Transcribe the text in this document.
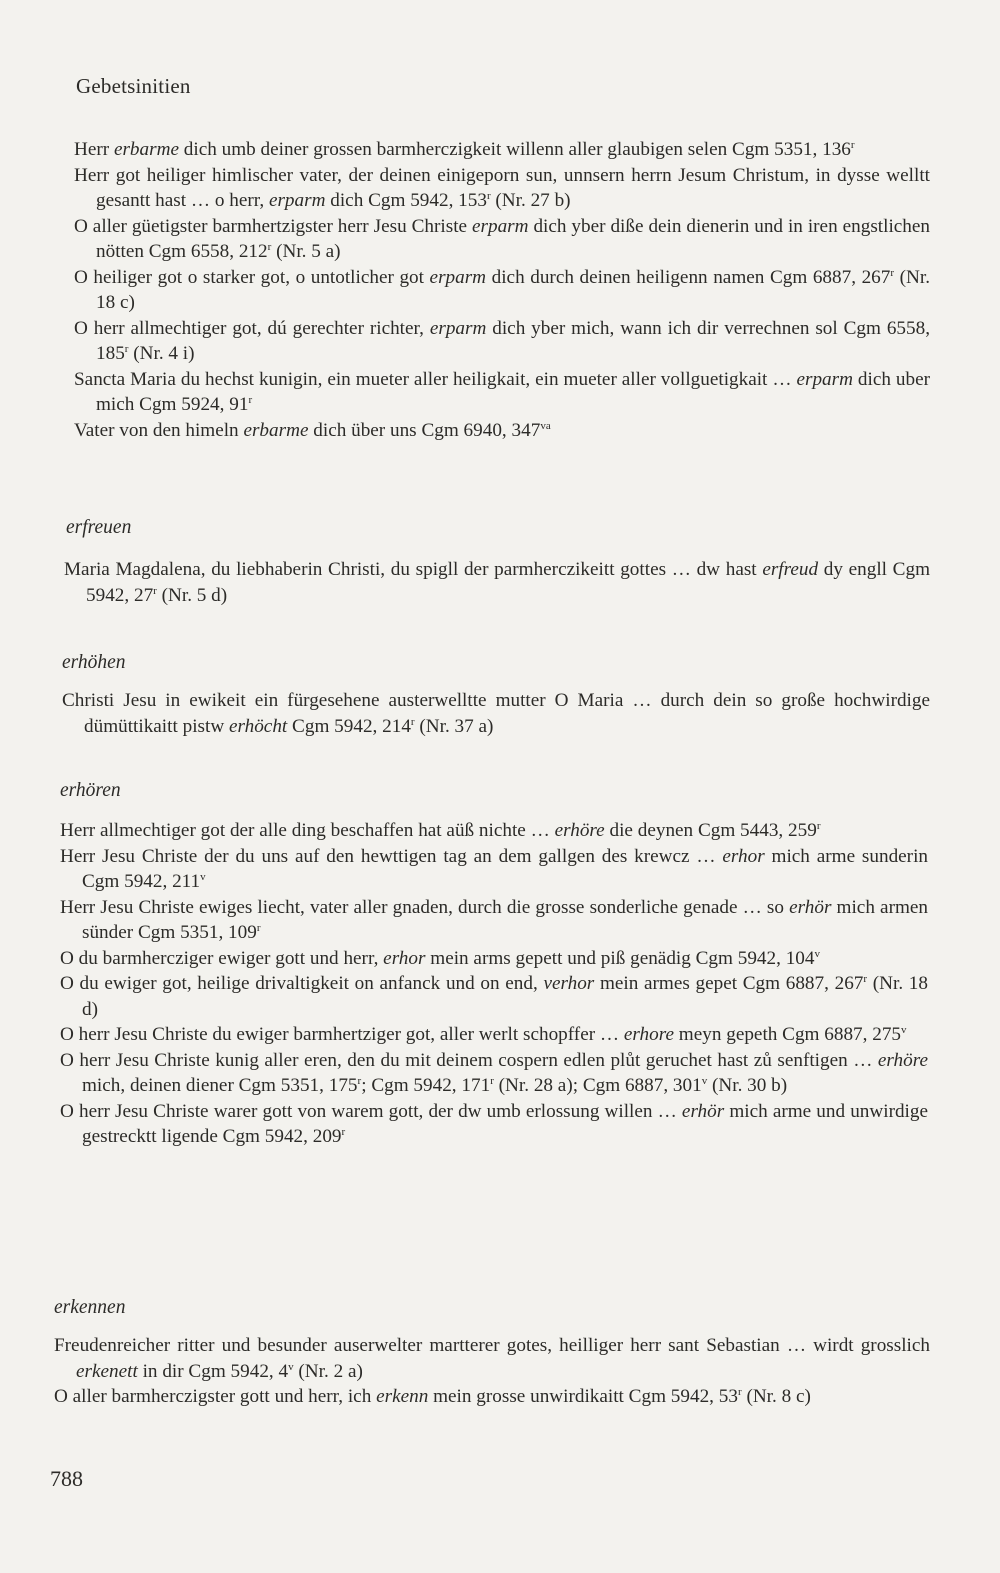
Gebetsinitien
Herr erbarme dich umb deiner grossen barmherczigkeit willenn aller glaubigen selen Cgm 5351, 136$^r$
Herr got heiliger himlischer vater, der deinen einigeporn sun, unnsern herrn Jesum Christum, in dysse welltt gesantt hast … o herr, erparm dich Cgm 5942, 153$^r$ (Nr. 27 b)
O aller güetigster barmhertzigster herr Jesu Christe erparm dich yber diße dein dienerin und in iren engstlichen nötten Cgm 6558, 212$^r$ (Nr. 5 a)
O heiliger got o starker got, o untotlicher got erparm dich durch deinen heiligenn namen Cgm 6887, 267$^r$ (Nr. 18 c)
O herr allmechtiger got, dú gerechter richter, erparm dich yber mich, wann ich dir verrechnen sol Cgm 6558, 185$^r$ (Nr. 4 i)
Sancta Maria du hechst kunigin, ein mueter aller heiligkait, ein mueter aller vollguetigkait … erparm dich uber mich Cgm 5924, 91$^r$
Vater von den himeln erbarme dich über uns Cgm 6940, $347^{va}$
erfreuen
Maria Magdalena, du liebhaberin Christi, du spigll der parmherczikeitt gottes … dw hast erfreud dy engll Cgm 5942, 27$^r$ (Nr. 5 d)
erhöhen
Christi Jesu in ewikeit ein fürgesehene austerwelltte mutter O Maria … durch dein so große hochwirdige dümüttikaitt pistw erhöcht Cgm 5942, 214$^r$ (Nr. 37 a)
erhören
Herr allmechtiger got der alle ding beschaffen hat aüß nichte … erhöre die deynen Cgm 5443, 259$^r$
Herr Jesu Christe der du uns auf den hewttigen tag an dem gallgen des krewcz … erhor mich arme sunderin Cgm 5942, 211$^v$
Herr Jesu Christe ewiges liecht, vater aller gnaden, durch die grosse sonderliche genade … so erhör mich armen sünder Cgm 5351, 109$^r$
O du barmhercziger ewiger gott und herr, erhor mein arms gepett und piß genädig Cgm 5942, 104$^v$
O du ewiger got, heilige drivaltigkeit on anfanck und on end, verhor mein armes gepet Cgm 6887, 267$^r$ (Nr. 18 d)
O herr Jesu Christe du ewiger barmhertziger got, aller werlt schopffer … erhore meyn gepeth Cgm 6887, 275$^v$
O herr Jesu Christe kunig aller eren, den du mit deinem cospern edlen plůt geruchet hast zů senftigen … erhöre mich, deinen diener Cgm 5351, 175$^r$; Cgm 5942, 171$^r$ (Nr. 28 a); Cgm 6887, 301$^v$ (Nr. 30 b)
O herr Jesu Christe warer gott von warem gott, der dw umb erlossung willen … erhör mich arme und unwirdige gestrecktt ligende Cgm 5942, 209$^r$
erkennen
Freudenreicher ritter und besunder auserwelter martterer gotes, heilliger herr sant Sebastian … wirdt grosslich erkenett in dir Cgm 5942, 4$^v$ (Nr. 2 a)
O aller barmherczigster gott und herr, ich erkenn mein grosse unwirdikaitt Cgm 5942, 53$^r$ (Nr. 8 c)
788
